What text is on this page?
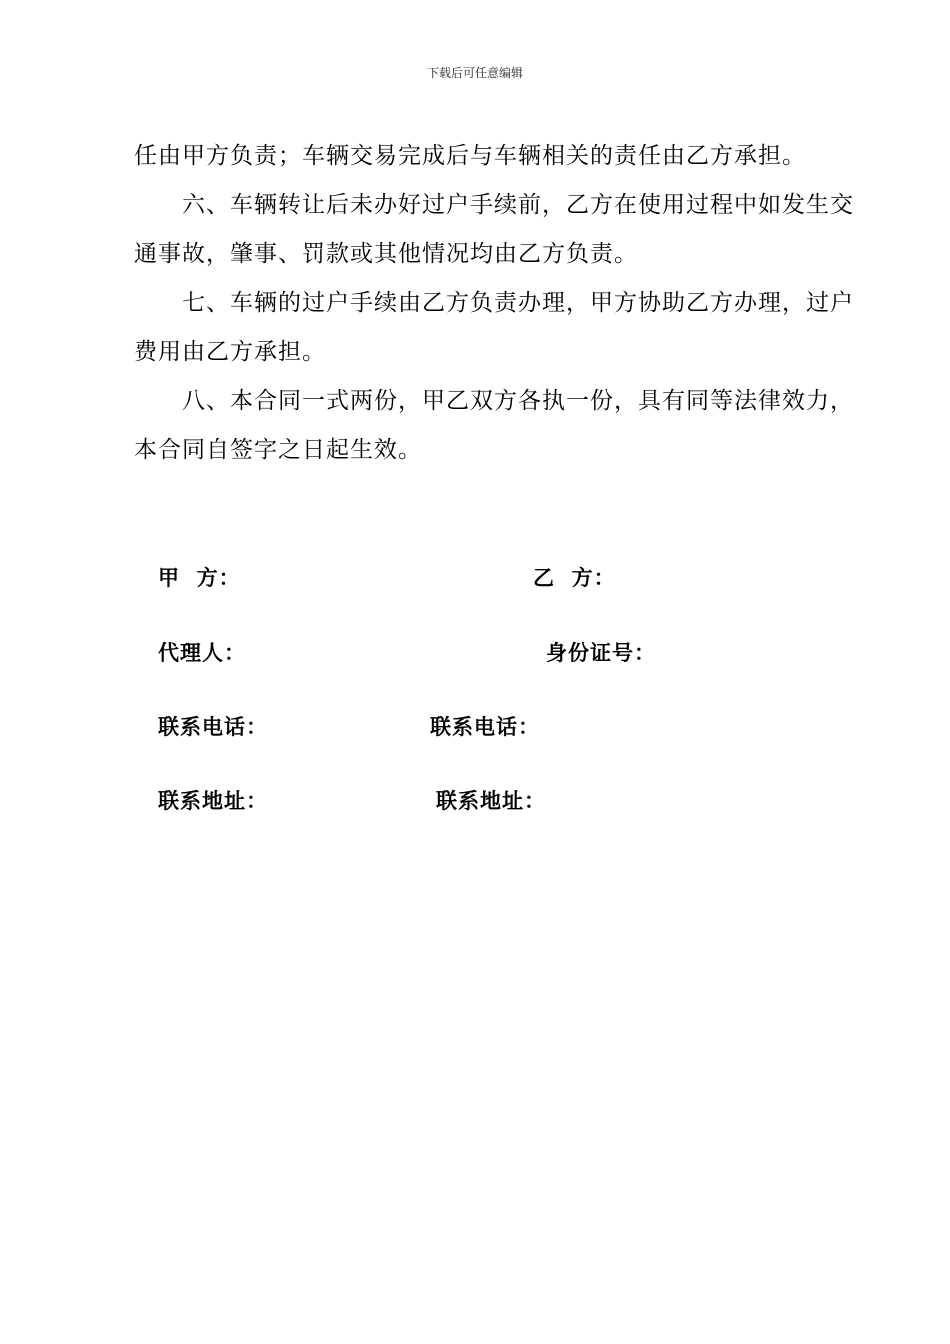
下载后可任意编辑

任由甲方负责；车辆交易完成后与车辆相关的责任由乙方承担。

六、车辆转让后未办好过户手续前，乙方在使用过程中如发生交通事故，肇事、罚款或其他情况均由乙方负责。

七、车辆的过户手续由乙方负责办理，甲方协助乙方办理，过户费用由乙方承担。

八、本合同一式两份，甲乙双方各执一份，具有同等法律效力，本合同自签字之日起生效。

甲  方：	乙  方：
代理人：	身份证号：
联系电话：	联系电话：
联系地址：	联系地址：
